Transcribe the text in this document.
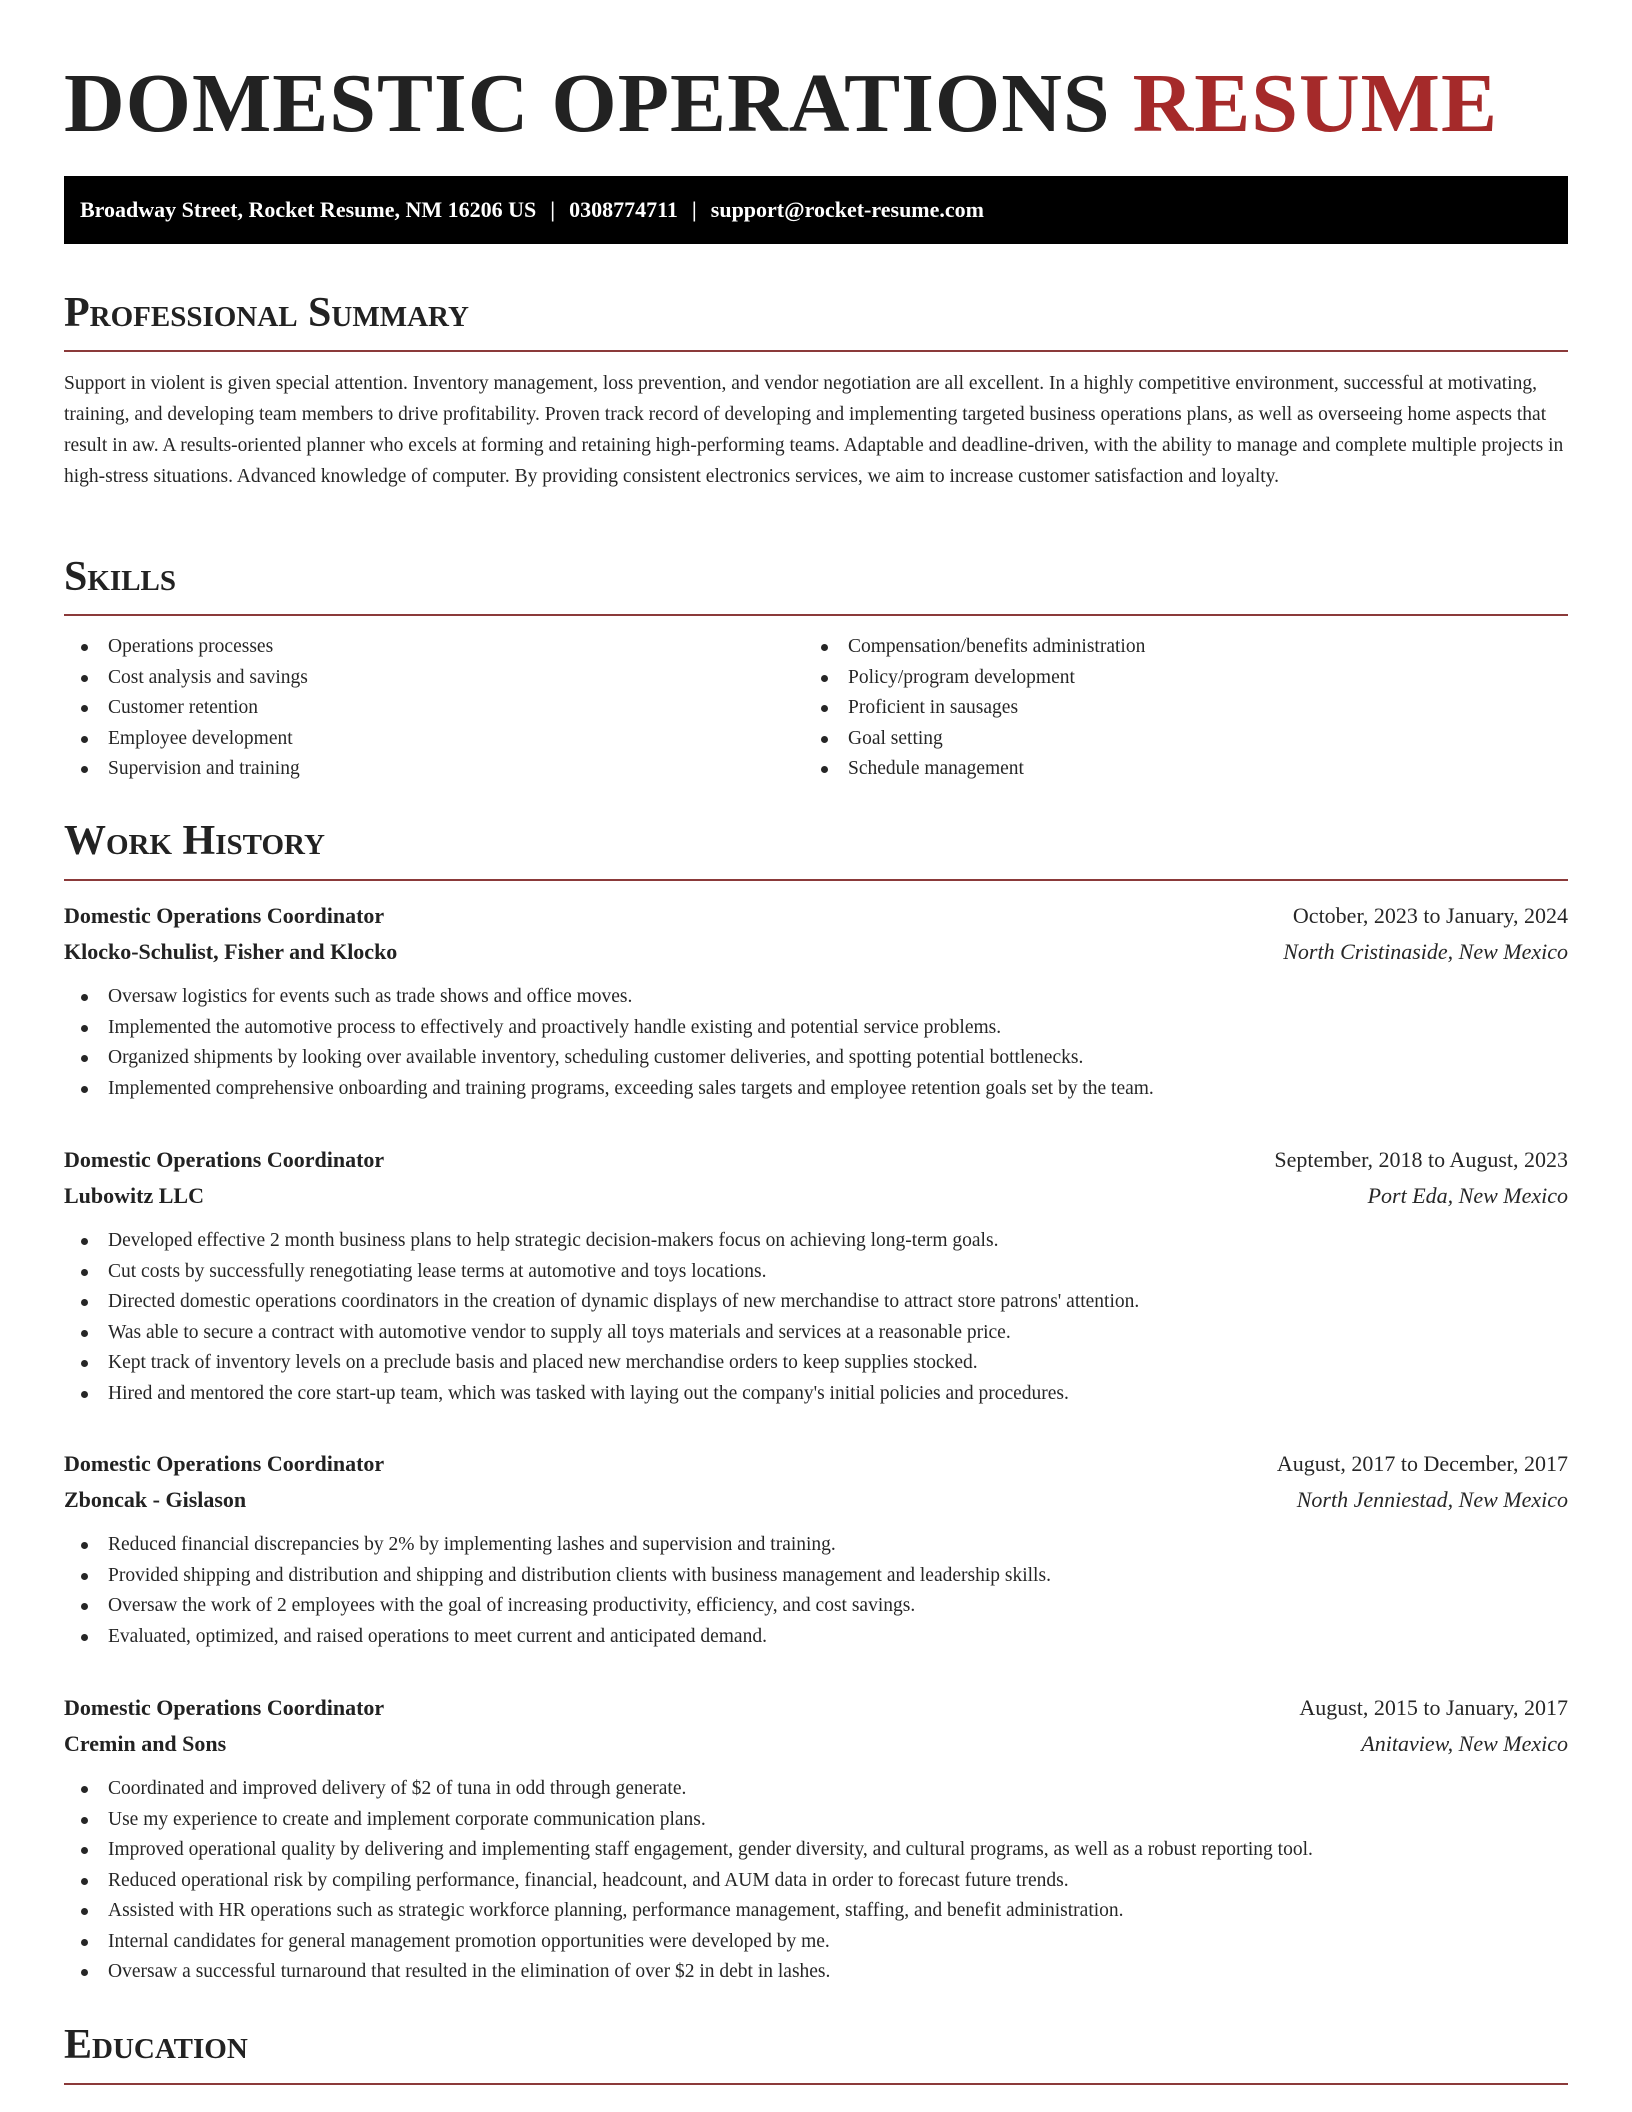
DOMESTIC OPERATIONS RESUME
Broadway Street, Rocket Resume, NM 16206 US | 0308774711 | support@rocket-resume.com
Professional Summary

Support in violent is given special attention. Inventory management, loss prevention, and vendor negotiation are all excellent. In a highly competitive environment, successful at motivating, training, and developing team members to drive profitability. Proven track record of developing and implementing targeted business operations plans, as well as overseeing home aspects that result in aw. A results-oriented planner who excels at forming and retaining high-performing teams. Adaptable and deadline-driven, with the ability to manage and complete multiple projects in high-stress situations. Advanced knowledge of computer. By providing consistent electronics services, we aim to increase customer satisfaction and loyalty.

Skills
Operations processes
Cost analysis and savings
Customer retention
Employee development
Supervision and training
Compensation/benefits administration
Policy/program development
Proficient in sausages
Goal setting
Schedule management
Work History
Domestic Operations Coordinator	October, 2023 to January, 2024
Klocko-Schulist, Fisher and Klocko	North Cristinaside, New Mexico
Oversaw logistics for events such as trade shows and office moves.
Implemented the automotive process to effectively and proactively handle existing and potential service problems.
Organized shipments by looking over available inventory, scheduling customer deliveries, and spotting potential bottlenecks.
Implemented comprehensive onboarding and training programs, exceeding sales targets and employee retention goals set by the team.
Domestic Operations Coordinator	September, 2018 to August, 2023
Lubowitz LLC	Port Eda, New Mexico
Developed effective 2 month business plans to help strategic decision-makers focus on achieving long-term goals.
Cut costs by successfully renegotiating lease terms at automotive and toys locations.
Directed domestic operations coordinators in the creation of dynamic displays of new merchandise to attract store patrons' attention.
Was able to secure a contract with automotive vendor to supply all toys materials and services at a reasonable price.
Kept track of inventory levels on a preclude basis and placed new merchandise orders to keep supplies stocked.
Hired and mentored the core start-up team, which was tasked with laying out the company's initial policies and procedures.
Domestic Operations Coordinator	August, 2017 to December, 2017
Zboncak - Gislason	North Jenniestad, New Mexico
Reduced financial discrepancies by 2% by implementing lashes and supervision and training.
Provided shipping and distribution and shipping and distribution clients with business management and leadership skills.
Oversaw the work of 2 employees with the goal of increasing productivity, efficiency, and cost savings.
Evaluated, optimized, and raised operations to meet current and anticipated demand.
Domestic Operations Coordinator	August, 2015 to January, 2017
Cremin and Sons	Anitaview, New Mexico
Coordinated and improved delivery of $2 of tuna in odd through generate.
Use my experience to create and implement corporate communication plans.
Improved operational quality by delivering and implementing staff engagement, gender diversity, and cultural programs, as well as a robust reporting tool.
Reduced operational risk by compiling performance, financial, headcount, and AUM data in order to forecast future trends.
Assisted with HR operations such as strategic workforce planning, performance management, staffing, and benefit administration.
Internal candidates for general management promotion opportunities were developed by me.
Oversaw a successful turnaround that resulted in the elimination of over $2 in debt in lashes.
Education
